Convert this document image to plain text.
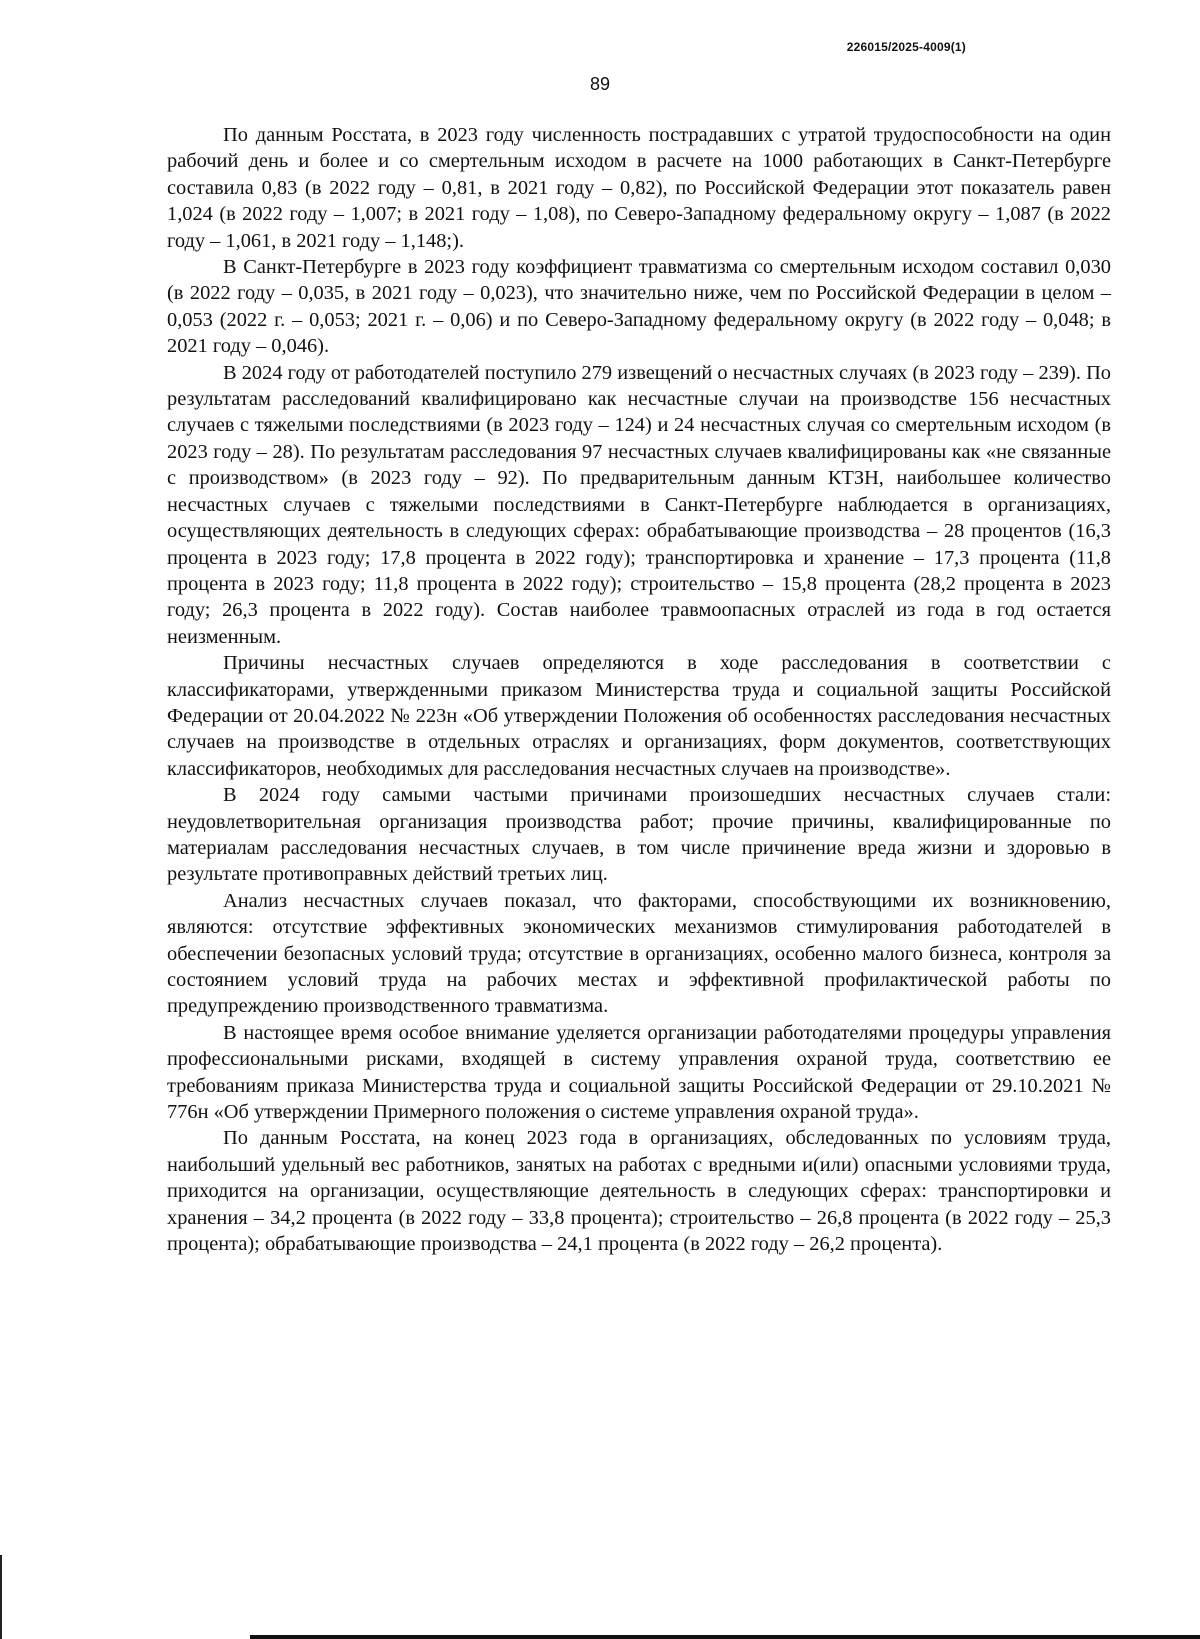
226015/2025-4009(1)
89

По данным Росстата, в 2023 году численность пострадавших с утратой трудоспособности на один рабочий день и более и со смертельным исходом в расчете на 1000 работающих в Санкт-Петербурге составила 0,83 (в 2022 году – 0,81, в 2021 году – 0,82), по Российской Федерации этот показатель равен 1,024 (в 2022 году – 1,007; в 2021 году – 1,08), по Северо-Западному федеральному округу – 1,087 (в 2022 году – 1,061, в 2021 году – 1,148;).

В Санкт-Петербурге в 2023 году коэффициент травматизма со смертельным исходом составил 0,030 (в 2022 году – 0,035, в 2021 году – 0,023), что значительно ниже, чем по Российской Федерации в целом – 0,053 (2022 г. – 0,053; 2021 г. – 0,06) и по Северо-Западному федеральному округу (в 2022 году – 0,048; в 2021 году – 0,046).

В 2024 году от работодателей поступило 279 извещений о несчастных случаях (в 2023 году – 239). По результатам расследований квалифицировано как несчастные случаи на производстве 156 несчастных случаев с тяжелыми последствиями (в 2023 году – 124) и 24 несчастных случая со смертельным исходом (в 2023 году – 28). По результатам расследования 97 несчастных случаев квалифицированы как «не связанные с производством» (в 2023 году – 92). По предварительным данным КТЗН, наибольшее количество несчастных случаев с тяжелыми последствиями в Санкт-Петербурге наблюдается в организациях, осуществляющих деятельность в следующих сферах: обрабатывающие производства – 28 процентов (16,3 процента в 2023 году; 17,8 процента в 2022 году); транспортировка и хранение – 17,3 процента (11,8 процента в 2023 году; 11,8 процента в 2022 году); строительство – 15,8 процента (28,2 процента в 2023 году; 26,3 процента в 2022 году). Состав наиболее травмоопасных отраслей из года в год остается неизменным.

Причины несчастных случаев определяются в ходе расследования в соответствии с классификаторами, утвержденными приказом Министерства труда и социальной защиты Российской Федерации от 20.04.2022 № 223н «Об утверждении Положения об особенностях расследования несчастных случаев на производстве в отдельных отраслях и организациях, форм документов, соответствующих классификаторов, необходимых для расследования несчастных случаев на производстве».

В 2024 году самыми частыми причинами произошедших несчастных случаев стали: неудовлетворительная организация производства работ; прочие причины, квалифицированные по материалам расследования несчастных случаев, в том числе причинение вреда жизни и здоровью в результате противоправных действий третьих лиц.

Анализ несчастных случаев показал, что факторами, способствующими их возникновению, являются: отсутствие эффективных экономических механизмов стимулирования работодателей в обеспечении безопасных условий труда; отсутствие в организациях, особенно малого бизнеса, контроля за состоянием условий труда на рабочих местах и эффективной профилактической работы по предупреждению производственного травматизма.

В настоящее время особое внимание уделяется организации работодателями процедуры управления профессиональными рисками, входящей в систему управления охраной труда, соответствию ее требованиям приказа Министерства труда и социальной защиты Российской Федерации от 29.10.2021 № 776н «Об утверждении Примерного положения о системе управления охраной труда».

По данным Росстата, на конец 2023 года в организациях, обследованных по условиям труда, наибольший удельный вес работников, занятых на работах с вредными и(или) опасными условиями труда, приходится на организации, осуществляющие деятельность в следующих сферах: транспортировки и хранения – 34,2 процента (в 2022 году – 33,8 процента); строительство – 26,8 процента (в 2022 году – 25,3 процента); обрабатывающие производства – 24,1 процента (в 2022 году – 26,2 процента).
